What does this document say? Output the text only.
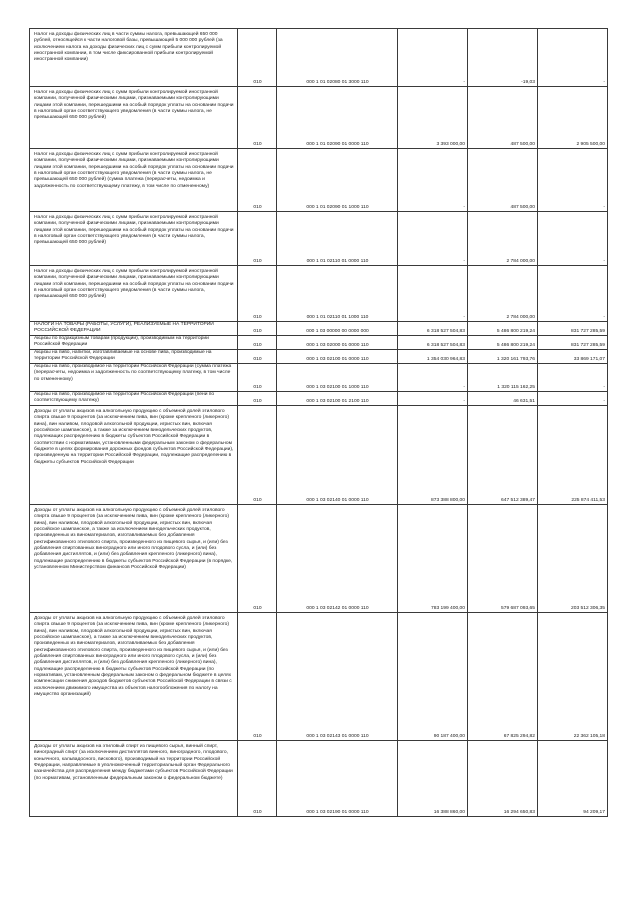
Налог на доходы физических лиц в части суммы налога, превышающей 650 000 рублей, относящейся к части налоговой базы, превышающей 5 000 000 рублей (за исключением налога на доходы физических лиц с сумм прибыли контролируемой иностранной компании, в том числе фиксированной прибыли контролируемой иностранной компании)	010	000 1 01 02080 01 3000 110	-	-19,03	-
Налог на доходы физических лиц с сумм прибыли контролируемой иностранной компании, полученной физическими лицами, признаваемыми контролирующими лицами этой компании, перешедшими на особый порядок уплаты на основании подачи в налоговый орган соответствующего уведомления (в части суммы налога, не превышающей 650 000 рублей)	010	000 1 01 02090 01 0000 110	3 393 000,00	487 500,00	2 905 500,00
Налог на доходы физических лиц с сумм прибыли контролируемой иностранной компании, полученной физическими лицами, признаваемыми контролирующими лицами этой компании, перешедшими на особый порядок уплаты на основании подачи в налоговый орган соответствующего уведомления (в части суммы налога, не превышающей 650 000 рублей) (сумма платежа (перерасчеты, недоимка и задолженность по соответствующему платежу, в том числе по отмененному)	010	000 1 01 02090 01 1000 110	-	487 500,00	-
Налог на доходы физических лиц с сумм прибыли контролируемой иностранной компании, полученной физическими лицами, признаваемыми контролирующими лицами этой компании, перешедшими на особый порядок уплаты на основании подачи в налоговый орган соответствующего уведомления (в части суммы налога, превышающей 650 000 рублей)	010	000 1 01 02110 01 0000 110	-	2 784 000,00	-
Налог на доходы физических лиц с сумм прибыли контролируемой иностранной компании, полученной физическими лицами, признаваемыми контролирующими лицами этой компании, перешедшими на особый порядок уплаты на основании подачи в налоговый орган соответствующего уведомления (в части суммы налога, превышающей 650 000 рублей)	010	000 1 01 02110 01 1000 110	-	2 784 000,00	-
НАЛОГИ НА ТОВАРЫ (РАБОТЫ, УСЛУГИ), РЕАЛИЗУЕМЫЕ НА ТЕРРИТОРИИ РОССИЙСКОЙ ФЕДЕРАЦИИ	010	000 1 03 00000 00 0000 000	6 318 527 504,83	5 486 800 219,24	831 727 285,59
Акцизы по подакцизным товарам (продукции), производимым на территории Российской Федерации	010	000 1 03 02000 01 0000 110	6 318 527 504,83	5 486 800 219,24	831 727 285,59
Акцизы на пиво, напитки, изготавливаемые на основе пива, производимые на территории Российской Федерации	010	000 1 03 02100 01 0000 110	1 354 030 964,83	1 320 161 793,76	33 869 171,07
Акцизы на пиво, производимое на территории Российской Федерации (сумма платежа (перерасчеты, недоимка и задолженность по соответствующему платежу, в том числе по отмененному)	010	000 1 03 02100 01 1000 110	-	1 320 115 162,25	-
Акцизы на пиво, производимое на территории Российской Федерации (пени по соответствующему платежу)	010	000 1 03 02100 01 2100 110	-	46 631,51	-
Доходы от уплаты акцизов на алкогольную продукцию с объемной долей этилового спирта свыше 9 процентов (за исключением пива, вин (кроме крепленого (ликерного) вина), вин наливом, плодовой алкогольной продукции, игристых вин, включая российское шампанское), а также за исключением винодельческих продуктов, подлежащих распределению в бюджеты субъектов Российской Федерации в соответствии с нормативами, установленными федеральным законом о федеральном бюджете в целях формирования дорожных фондов субъектов Российской Федерации), произведенную на территории Российской Федерации, подлежащие распределению в бюджеты субъектов Российской Федерации	010	000 1 03 02140 01 0000 110	873 388 800,00	647 512 389,47	225 874 411,53
Доходы от уплаты акцизов на алкогольную продукцию с объемной долей этилового спирта свыше 9 процентов (за исключением пива, вин (кроме крепленого (ликерного) вина), вин наливом, плодовой алкогольной продукции, игристых вин, включая российское шампанское, а также за исключением винодельческих продуктов, произведенных из виноматериалов, изготавливаемых без добавления ректификованного этилового спирта, произведенного из пищевого сырья, и (или) без добавления спиртованных виноградного или иного плодового сусла, и (или) без добавления дистиллятов, и (или) без добавления крепленого (ликерного) вина), подлежащие распределению в бюджеты субъектов Российской Федерации (в порядке, установленном Министерством финансов Российской Федерации)	010	000 1 03 02142 01 0000 110	783 199 400,00	579 687 093,65	203 512 306,35
Доходы от уплаты акцизов на алкогольную продукцию с объемной долей этилового спирта свыше 9 процентов (за исключением пива, вин (кроме крепленого (ликерного) вина), вин наливом, плодовой алкогольной продукции, игристых вин, включая российское шампанское), а также за исключением винодельческих продуктов, произведенных из виноматериалов, изготавливаемых без добавления ректификованного этилового спирта, произведенного из пищевого сырья, и (или) без добавления спиртованных виноградного или иного плодового сусла, и (или) без добавления дистиллятов, и (или) без добавления крепленого (ликерного) вина), подлежащие распределению в бюджеты субъектов Российской Федерации (по нормативам, установленным федеральным законом о федеральном бюджете в целях компенсации снижения доходов бюджетов субъектов Российской Федерации в связи с исключением движимого имущества из объектов налогообложения по налогу на имущество организаций)	010	000 1 03 02143 01 0000 110	90 187 400,00	67 825 294,82	22 362 105,18
Доходы от уплаты акцизов на этиловый спирт из пищевого сырья, винный спирт, виноградный спирт (за исключением дистиллятов винного, виноградного, плодового, коньячного, кальвадосного, вискового), производимый на территории Российской Федерации, направляемые в уполномоченный территориальный орган Федерального казначейства для распределения между бюджетами субъектов Российской Федерации (по нормативам, установленным федеральным законом о федеральном бюджете)	010	000 1 03 02190 01 0000 110	16 388 860,00	16 294 650,83	94 209,17
